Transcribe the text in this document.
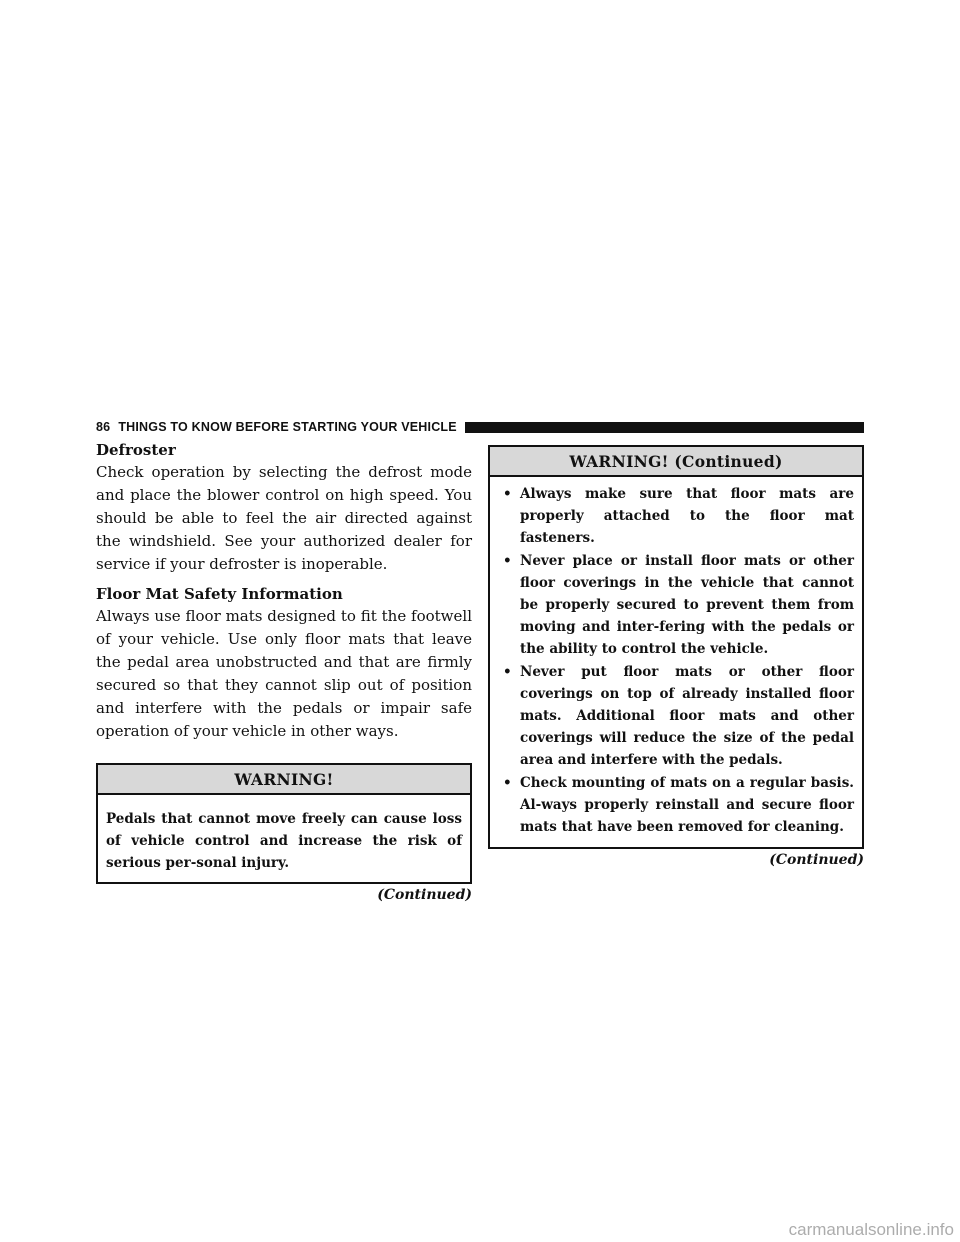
86 THINGS TO KNOW BEFORE STARTING YOUR VEHICLE
Defroster

Check operation by selecting the defrost mode and place the blower control on high speed. You should be able to feel the air directed against the windshield. See your authorized dealer for service if your defroster is inoperable.

Floor Mat Safety Information

Always use floor mats designed to fit the footwell of your vehicle. Use only floor mats that leave the pedal area unobstructed and that are firmly secured so that they cannot slip out of position and interfere with the pedals or impair safe operation of your vehicle in other ways.

WARNING!

Pedals that cannot move freely can cause loss of vehicle control and increase the risk of serious per-sonal injury.

(Continued)
WARNING! (Continued)
• Always make sure that floor mats are properly attached to the floor mat fasteners.
• Never place or install floor mats or other floor coverings in the vehicle that cannot be properly secured to prevent them from moving and inter-fering with the pedals or the ability to control the vehicle.
• Never put floor mats or other floor coverings on top of already installed floor mats. Additional floor mats and other coverings will reduce the size of the pedal area and interfere with the pedals.
• Check mounting of mats on a regular basis. Al-ways properly reinstall and secure floor mats that have been removed for cleaning.
(Continued)
carmanualsonline.info
